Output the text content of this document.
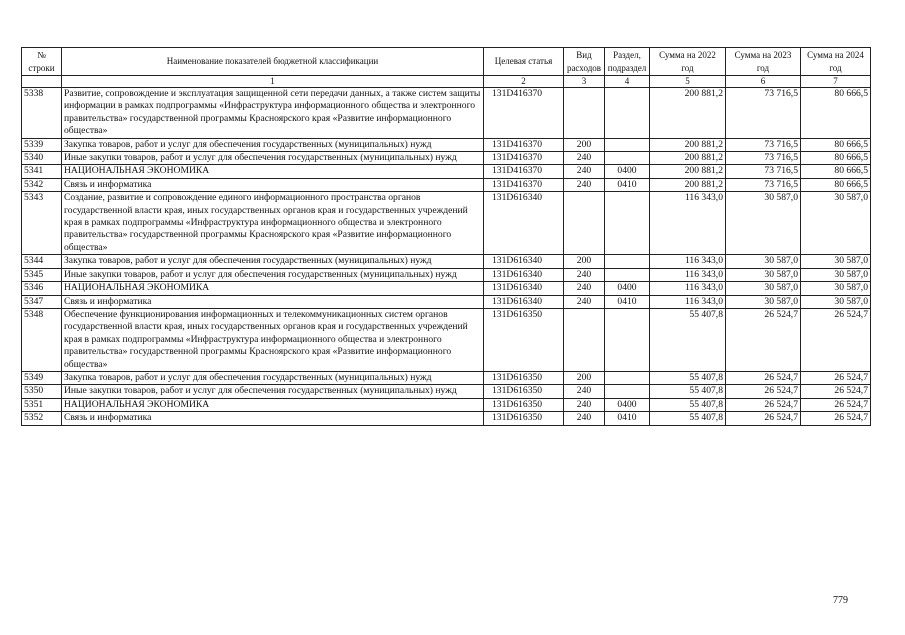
№ строки	Наименование показателей бюджетной классификации	Целевая статья	Вид расходов	Раздел, подраздел	Сумма на 2022 год	Сумма на 2023 год	Сумма на 2024 год
	1	2	3	4	5	6	7
5338	Развитие, сопровождение и эксплуатация защищенной сети передачи данных, а также систем защиты информации в рамках подпрограммы «Инфраструктура информационного общества и электронного правительства» государственной программы Красноярского края «Развитие информационного общества»	131D416370			200 881,2	73 716,5	80 666,5
5339	Закупка товаров, работ и услуг для обеспечения государственных (муниципальных) нужд	131D416370	200		200 881,2	73 716,5	80 666,5
5340	Иные закупки товаров, работ и услуг для обеспечения государственных (муниципальных) нужд	131D416370	240		200 881,2	73 716,5	80 666,5
5341	НАЦИОНАЛЬНАЯ ЭКОНОМИКА	131D416370	240	0400	200 881,2	73 716,5	80 666,5
5342	Связь и информатика	131D416370	240	0410	200 881,2	73 716,5	80 666,5
5343	Создание, развитие и сопровождение единого информационного пространства органов государственной власти края, иных государственных органов края и государственных учреждений края в рамках подпрограммы «Инфраструктура информационного общества и электронного правительства» государственной программы Красноярского края «Развитие информационного общества»	131D616340			116 343,0	30 587,0	30 587,0
5344	Закупка товаров, работ и услуг для обеспечения государственных (муниципальных) нужд	131D616340	200		116 343,0	30 587,0	30 587,0
5345	Иные закупки товаров, работ и услуг для обеспечения государственных (муниципальных) нужд	131D616340	240		116 343,0	30 587,0	30 587,0
5346	НАЦИОНАЛЬНАЯ ЭКОНОМИКА	131D616340	240	0400	116 343,0	30 587,0	30 587,0
5347	Связь и информатика	131D616340	240	0410	116 343,0	30 587,0	30 587,0
5348	Обеспечение функционирования информационных и телекоммуникационных систем органов государственной власти края, иных государственных органов края и государственных учреждений края в рамках подпрограммы «Инфраструктура информационного общества и электронного правительства» государственной программы Красноярского края «Развитие информационного общества»	131D616350			55 407,8	26 524,7	26 524,7
5349	Закупка товаров, работ и услуг для обеспечения государственных (муниципальных) нужд	131D616350	200		55 407,8	26 524,7	26 524,7
5350	Иные закупки товаров, работ и услуг для обеспечения государственных (муниципальных) нужд	131D616350	240		55 407,8	26 524,7	26 524,7
5351	НАЦИОНАЛЬНАЯ ЭКОНОМИКА	131D616350	240	0400	55 407,8	26 524,7	26 524,7
5352	Связь и информатика	131D616350	240	0410	55 407,8	26 524,7	26 524,7
779
